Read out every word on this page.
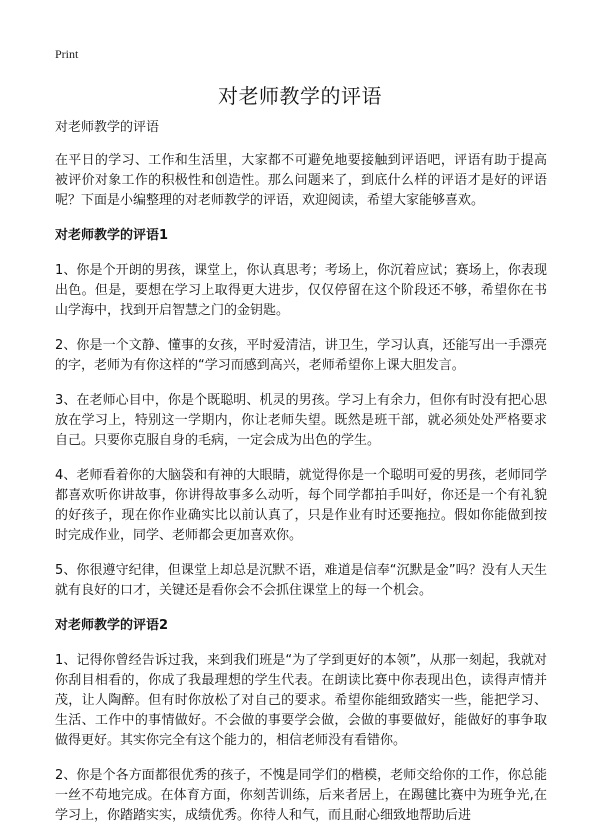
Print
对老师教学的评语

对老师教学的评语

在平日的学习、工作和生活里，大家都不可避免地要接触到评语吧，评语有助于提高被评价对象工作的积极性和创造性。那么问题来了，到底什么样的评语才是好的评语呢？下面是小编整理的对老师教学的评语，欢迎阅读，希望大家能够喜欢。

对老师教学的评语1

1、你是个开朗的男孩，课堂上，你认真思考；考场上，你沉着应试；赛场上，你表现出色。但是，要想在学习上取得更大进步，仅仅停留在这个阶段还不够，希望你在书山学海中，找到开启智慧之门的金钥匙。

2、你是一个文静、懂事的女孩，平时爱清洁，讲卫生，学习认真，还能写出一手漂亮的字，老师为有你这样的“学习而感到高兴，老师希望你上课大胆发言。

3、在老师心目中，你是个既聪明、机灵的男孩。学习上有余力，但你有时没有把心思放在学习上，特别这一学期内，你让老师失望。既然是班干部，就必须处处严格要求自己。只要你克服自身的毛病，一定会成为出色的学生。

4、老师看着你的大脑袋和有神的大眼睛，就觉得你是一个聪明可爱的男孩，老师同学都喜欢听你讲故事，你讲得故事多么动听，每个同学都拍手叫好，你还是一个有礼貌的好孩子，现在你作业确实比以前认真了，只是作业有时还要拖拉。假如你能做到按时完成作业，同学、老师都会更加喜欢你。

5、你很遵守纪律，但课堂上却总是沉默不语，难道是信奉“沉默是金”吗？没有人天生就有良好的口才，关键还是看你会不会抓住课堂上的每一个机会。

对老师教学的评语2

1、记得你曾经告诉过我，来到我们班是“为了学到更好的本领”，从那一刻起，我就对你刮目相看的，你成了我最理想的学生代表。在朗读比赛中你表现出色，读得声情并茂，让人陶醉。但有时你放松了对自己的要求。希望你能细致踏实一些，能把学习、生活、工作中的事情做好。不会做的事要学会做，会做的事要做好，能做好的事争取做得更好。其实你完全有这个能力的，相信老师没有看错你。

2、你是个各方面都很优秀的孩子，不愧是同学们的楷模，老师交给你的工作，你总能一丝不苟地完成。在体育方面，你刻苦训练，后来者居上，在踢毽比赛中为班争光,在学习上，你踏踏实实，成绩优秀。你待人和气，而且耐心细致地帮助后进
